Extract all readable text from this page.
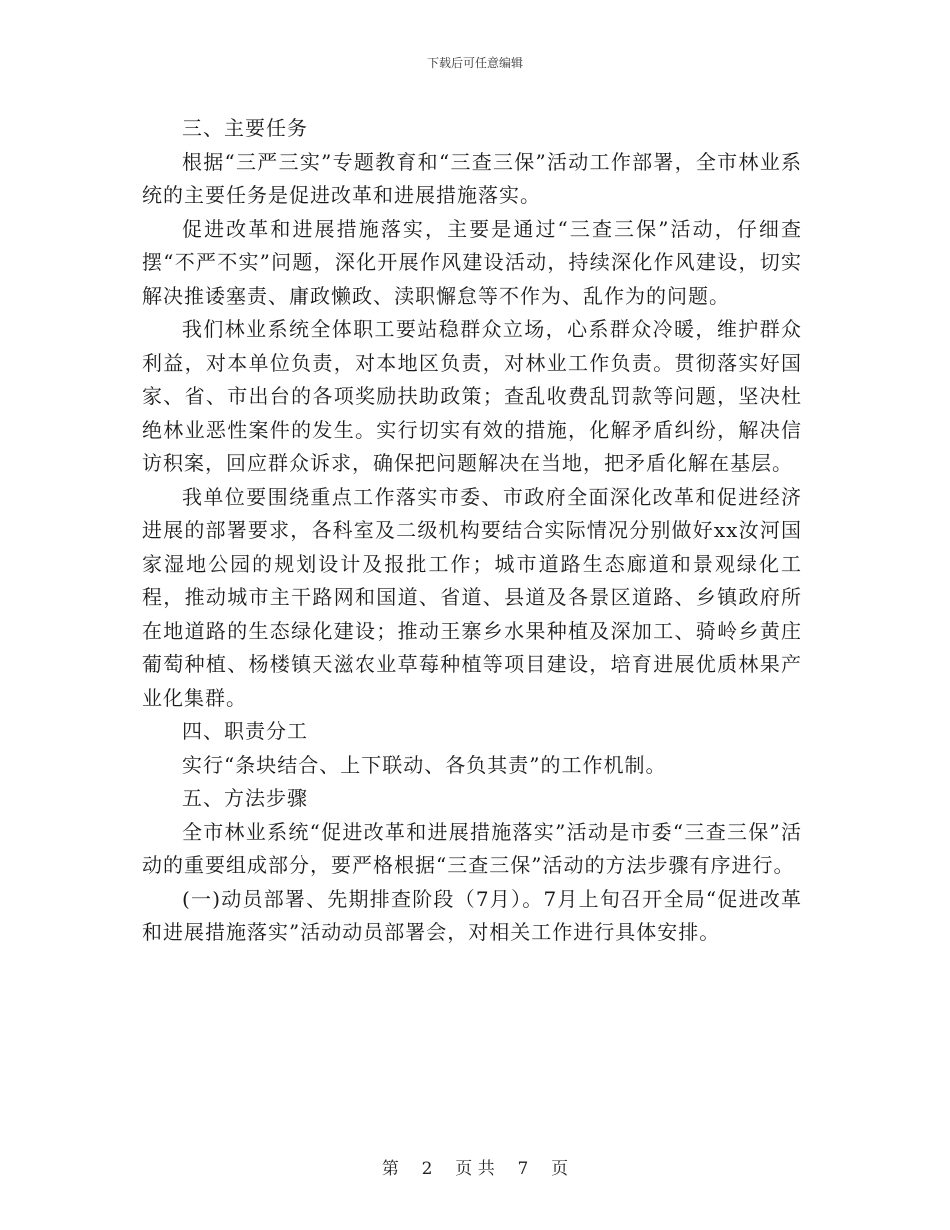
下载后可任意编辑

三、主要任务

根据“三严三实”专题教育和“三查三保”活动工作部署，全市林业系统的主要任务是促进改革和进展措施落实。

促进改革和进展措施落实，主要是通过“三查三保”活动，仔细查摆“不严不实”问题，深化开展作风建设活动，持续深化作风建设，切实解决推诿塞责、庸政懒政、渎职懈怠等不作为、乱作为的问题。

我们林业系统全体职工要站稳群众立场，心系群众冷暖，维护群众利益，对本单位负责，对本地区负责，对林业工作负责。贯彻落实好国家、省、市出台的各项奖励扶助政策；查乱收费乱罚款等问题，坚决杜绝林业恶性案件的发生。实行切实有效的措施，化解矛盾纠纷，解决信访积案，回应群众诉求，确保把问题解决在当地，把矛盾化解在基层。

我单位要围绕重点工作落实市委、市政府全面深化改革和促进经济进展的部署要求，各科室及二级机构要结合实际情况分别做好xx汝河国家湿地公园的规划设计及报批工作；城市道路生态廊道和景观绿化工程，推动城市主干路网和国道、省道、县道及各景区道路、乡镇政府所在地道路的生态绿化建设；推动王寨乡水果种植及深加工、骑岭乡黄庄葡萄种植、杨楼镇天滋农业草莓种植等项目建设，培育进展优质林果产业化集群。

四、职责分工

实行“条块结合、上下联动、各负其责”的工作机制。

五、方法步骤

全市林业系统“促进改革和进展措施落实”活动是市委“三查三保”活动的重要组成部分，要严格根据“三查三保”活动的方法步骤有序进行。

(一)动员部署、先期排查阶段（7月）。7月上旬召开全局“促进改革和进展措施落实”活动动员部署会，对相关工作进行具体安排。

第 2 页 共 7 页
